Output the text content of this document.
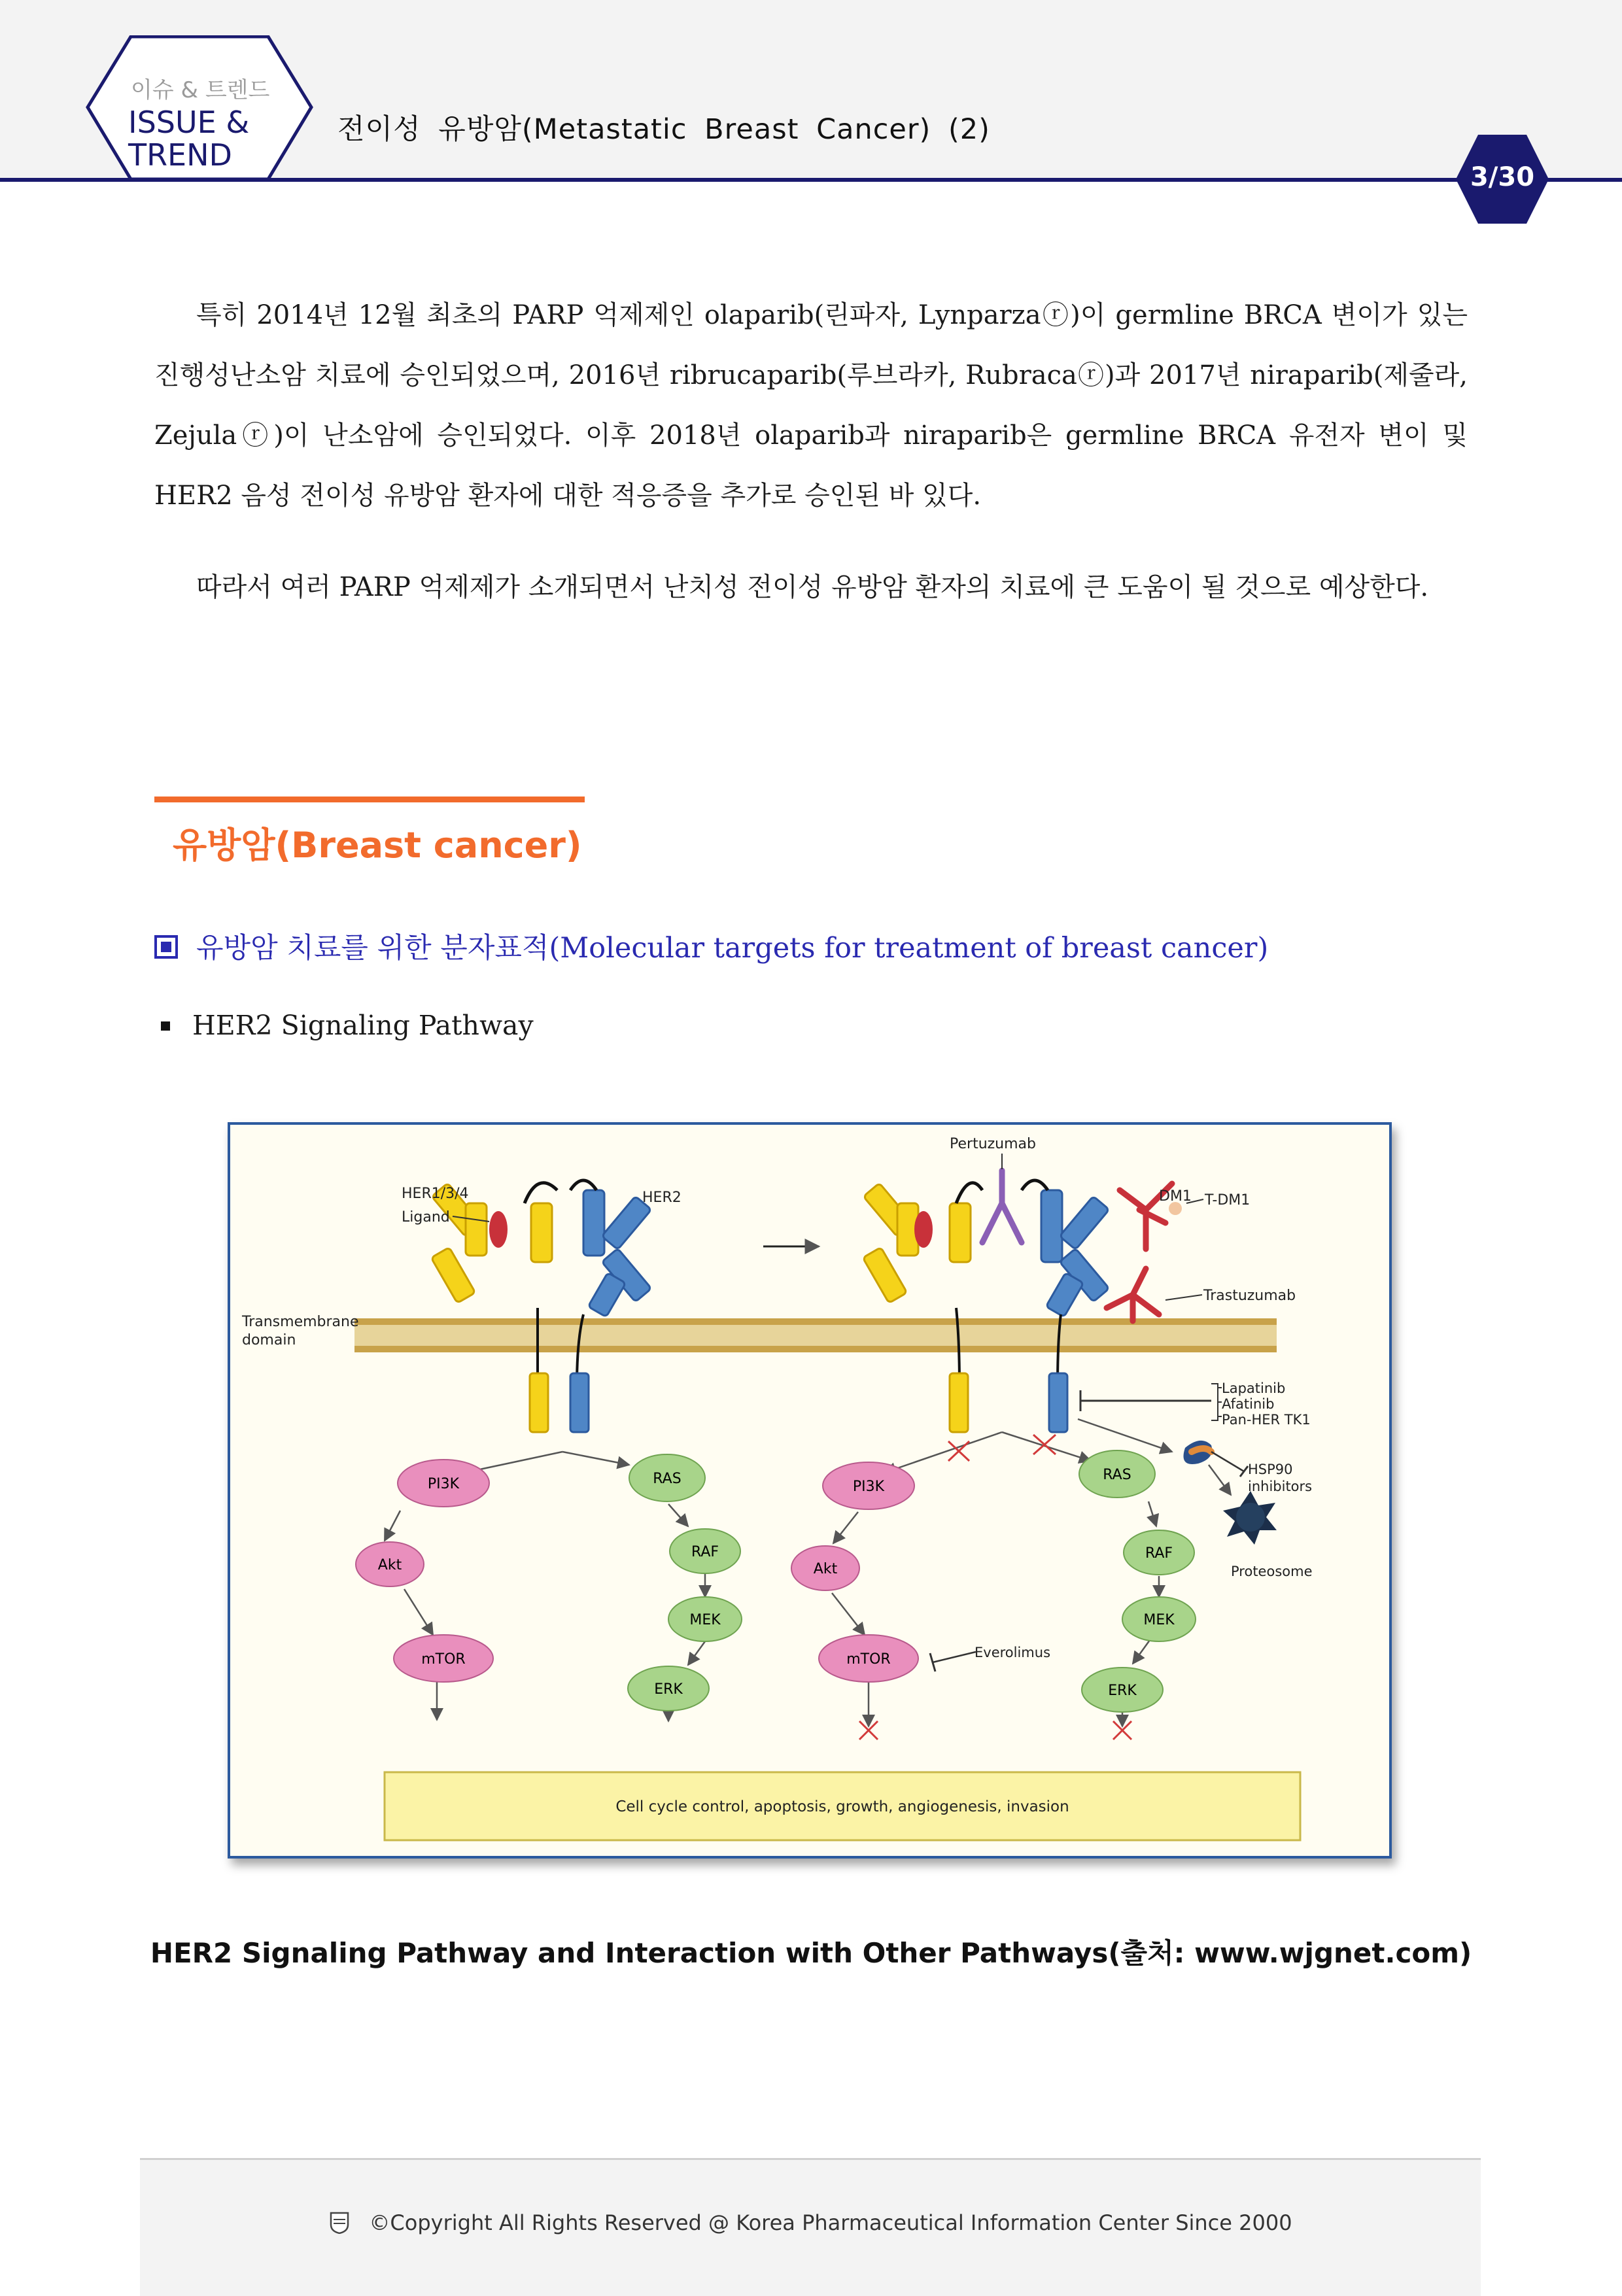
이슈 & 트렌드
ISSUE &
TREND
전이성 유방암(Metastatic Breast Cancer) (2)
3/30

특히 2014년 12월 최초의 PARP 억제제인 olaparib(린파자, Lynparzaⓡ)이 germline BRCA 변이가 있는 진행성난소암 치료에 승인되었으며, 2016년 ribrucaparib(루브라카, Rubracaⓡ)과 2017년 niraparib(제줄라, Zejulaⓡ)이 난소암에 승인되었다. 이후 2018년 olaparib과 niraparib은 germline BRCA 유전자 변이 및 HER2 음성 전이성 유방암 환자에 대한 적응증을 추가로 승인된 바 있다.

따라서 여러 PARP 억제제가 소개되면서 난치성 전이성 유방암 환자의 치료에 큰 도움이 될 것으로 예상한다.

유방암(Breast cancer)
유방암 치료를 위한 분자표적(Molecular targets for treatment of breast cancer)
HER2 Signaling Pathway
HER1/3/4
Ligand
HER2
Transmembrane
domain
PI3K
Akt
mTOR
RAS
RAF
MEK
ERK
Pertuzumab
DM1 T-DM1
Trastuzumab
Lapatinib
Afatinib
Pan-HER TK1
HSP90
inhibitors
Proteosome
Everolimus
PI3K
Akt
mTOR
RAS
RAF
MEK
ERK
Cell cycle control, apoptosis, growth, angiogenesis, invasion
HER2 Signaling Pathway and Interaction with Other Pathways(출처: www.wjgnet.com)
©Copyright All Rights Reserved @ Korea Pharmaceutical Information Center Since 2000
